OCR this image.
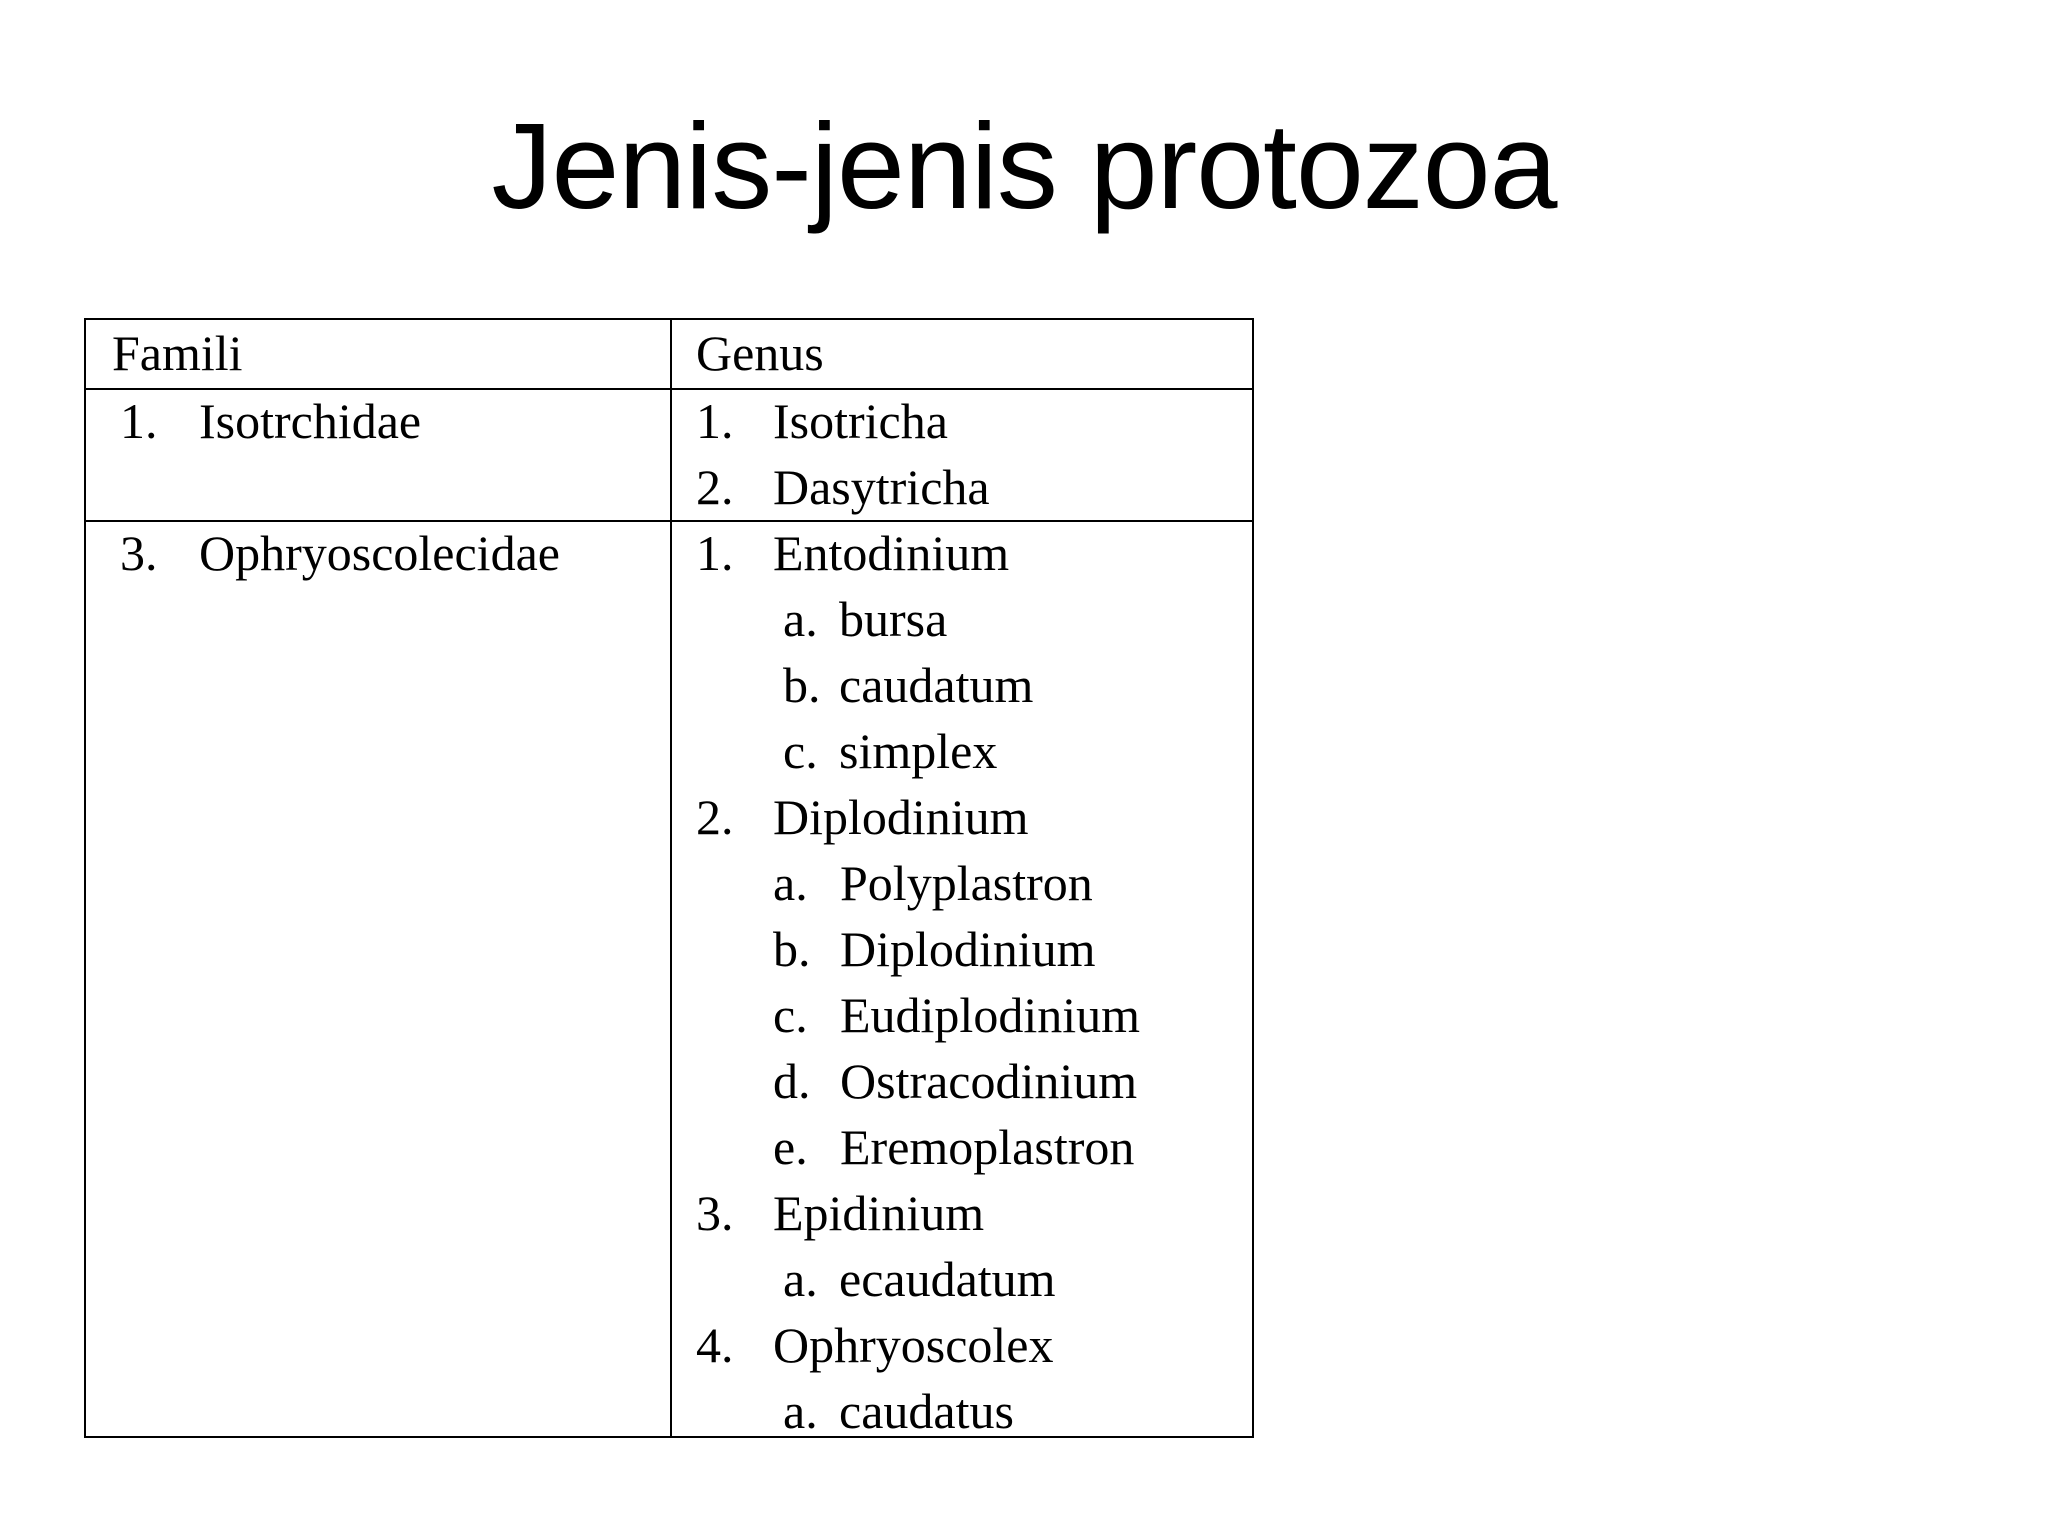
Jenis-jenis protozoa
Famili	Genus
1. Isotrchidae	1. Isotricha
2. Dasytricha
3. Ophryoscolecidae	1. Entodinium
a. bursa
b. caudatum
c. simplex
2. Diplodinium
a. Polyplastron
b. Diplodinium
c. Eudiplodinium
d. Ostracodinium
e. Eremoplastron
3. Epidinium
a. ecaudatum
4. Ophryoscolex
a. caudatus
